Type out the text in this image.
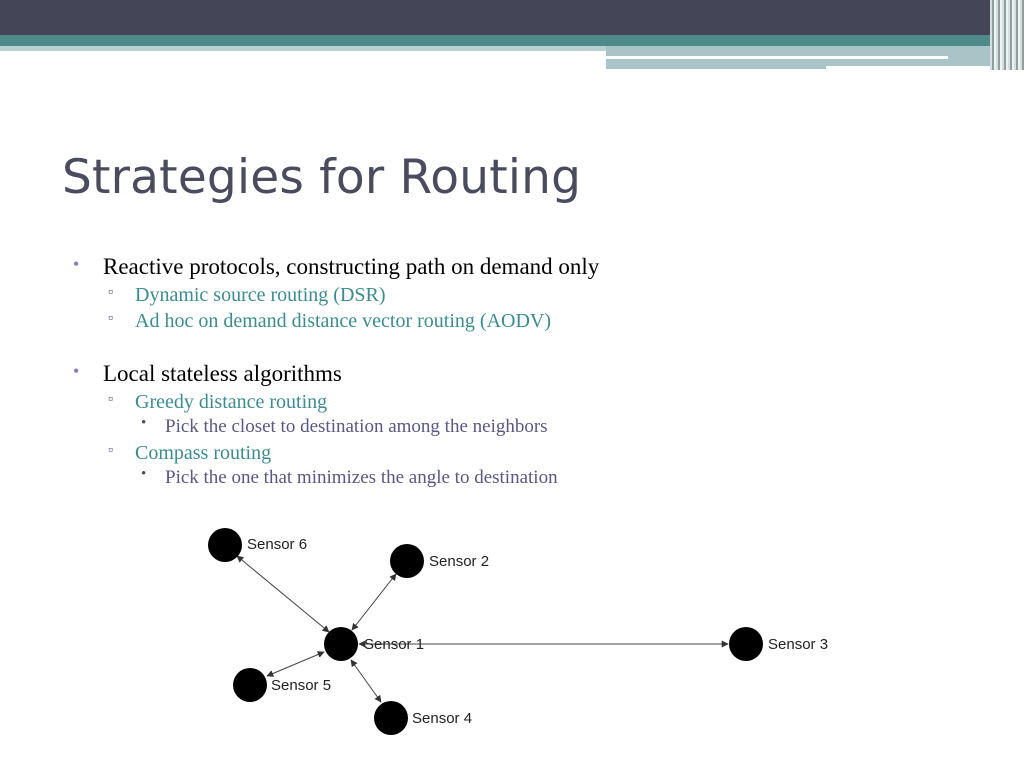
Strategies for Routing
• Reactive protocols, constructing path on demand only
▫ Dynamic source routing (DSR)
▫ Ad hoc on demand distance vector routing (AODV)
• Local stateless algorithms
▫ Greedy distance routing
• Pick the closet to destination among the neighbors
▫ Compass routing
• Pick the one that minimizes the angle to destination
Sensor 6
Sensor 2
Sensor 1	Sensor 3
Sensor 5
Sensor 4
